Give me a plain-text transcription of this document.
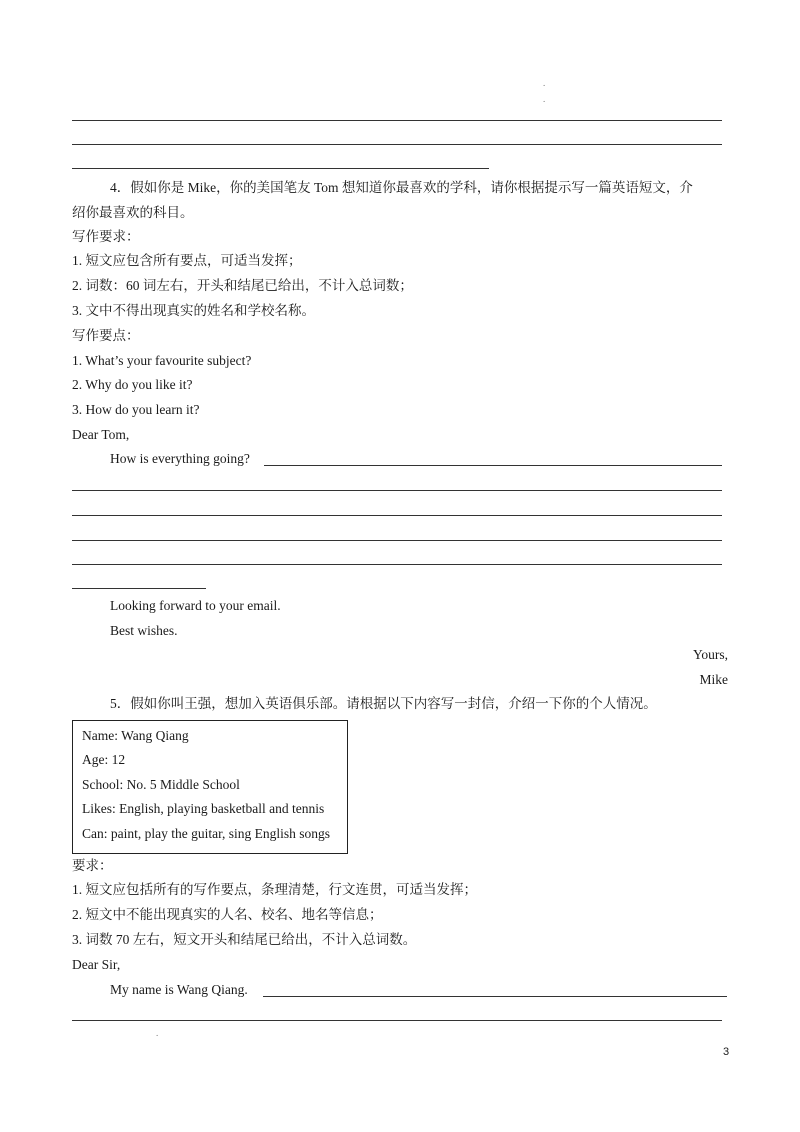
.
.
4．假如你是 Mike，你的美国笔友 Tom 想知道你最喜欢的学科，请你根据提示写一篇英语短文，介
绍你最喜欢的科目。
写作要求：
1. 短文应包含所有要点，可适当发挥；
2. 词数：60 词左右，开头和结尾已给出，不计入总词数；
3. 文中不得出现真实的姓名和学校名称。
写作要点：
1. What’s your favourite subject?
2. Why do you like it?
3. How do you learn it?
Dear Tom,
How is everything going?
Looking forward to your email.
Best wishes.
Yours,
Mike
5．假如你叫王强，想加入英语俱乐部。请根据以下内容写一封信，介绍一下你的个人情况。
Name: Wang Qiang
Age: 12
School: No. 5 Middle School
Likes: English, playing basketball and tennis
Can: paint, play the guitar, sing English songs
要求：
1. 短文应包括所有的写作要点，条理清楚，行文连贯，可适当发挥；
2. 短文中不能出现真实的人名、校名、地名等信息；
3. 词数 70 左右，短文开头和结尾已给出，不计入总词数。
Dear Sir,
My name is Wang Qiang.
.
3
